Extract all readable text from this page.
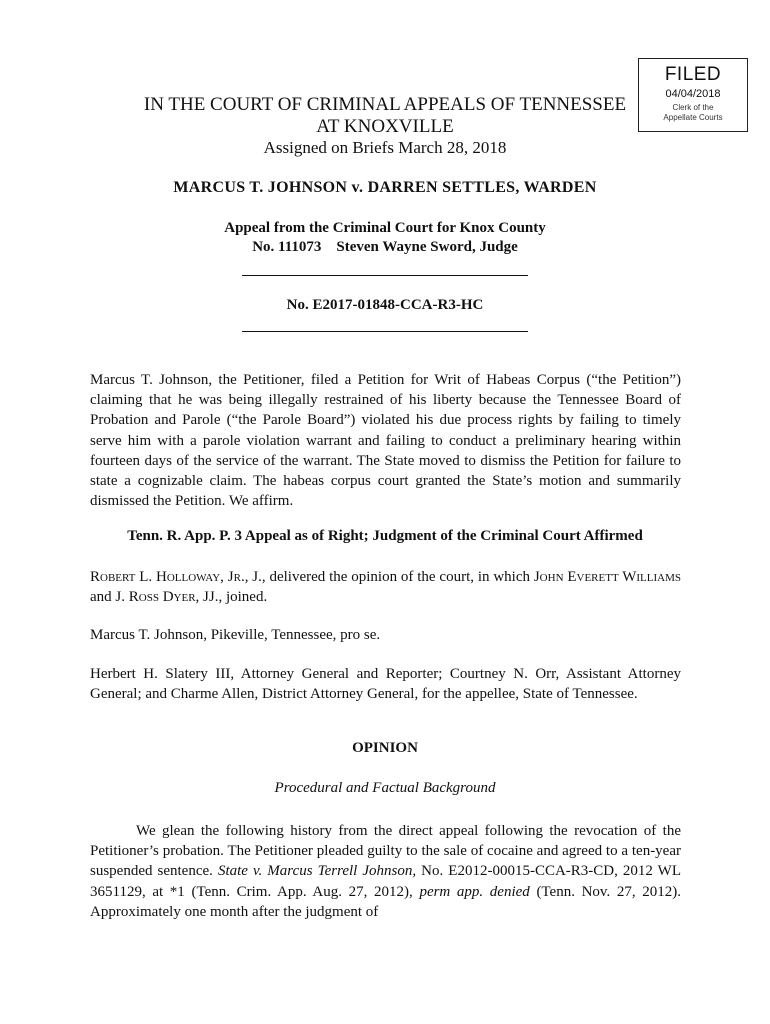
FILED
04/04/2018
Clerk of the
Appellate Courts
IN THE COURT OF CRIMINAL APPEALS OF TENNESSEE
AT KNOXVILLE
Assigned on Briefs March 28, 2018
MARCUS T. JOHNSON v. DARREN SETTLES, WARDEN
Appeal from the Criminal Court for Knox County
No. 111073    Steven Wayne Sword, Judge
No. E2017-01848-CCA-R3-HC

Marcus T. Johnson, the Petitioner, filed a Petition for Writ of Habeas Corpus (“the Petition”) claiming that he was being illegally restrained of his liberty because the Tennessee Board of Probation and Parole (“the Parole Board”) violated his due process rights by failing to timely serve him with a parole violation warrant and failing to conduct a preliminary hearing within fourteen days of the service of the warrant. The State moved to dismiss the Petition for failure to state a cognizable claim. The habeas corpus court granted the State’s motion and summarily dismissed the Petition. We affirm.

Tenn. R. App. P. 3 Appeal as of Right; Judgment of the Criminal Court Affirmed

Robert L. Holloway, Jr., J., delivered the opinion of the court, in which John Everett Williams and J. Ross Dyer, JJ., joined.

Marcus T. Johnson, Pikeville, Tennessee, pro se.

Herbert H. Slatery III, Attorney General and Reporter; Courtney N. Orr, Assistant Attorney General; and Charme Allen, District Attorney General, for the appellee, State of Tennessee.

OPINION
Procedural and Factual Background

We glean the following history from the direct appeal following the revocation of the Petitioner’s probation. The Petitioner pleaded guilty to the sale of cocaine and agreed to a ten-year suspended sentence. State v. Marcus Terrell Johnson, No. E2012-00015-CCA-R3-CD, 2012 WL 3651129, at *1 (Tenn. Crim. App. Aug. 27, 2012), perm app. denied (Tenn. Nov. 27, 2012). Approximately one month after the judgment of
